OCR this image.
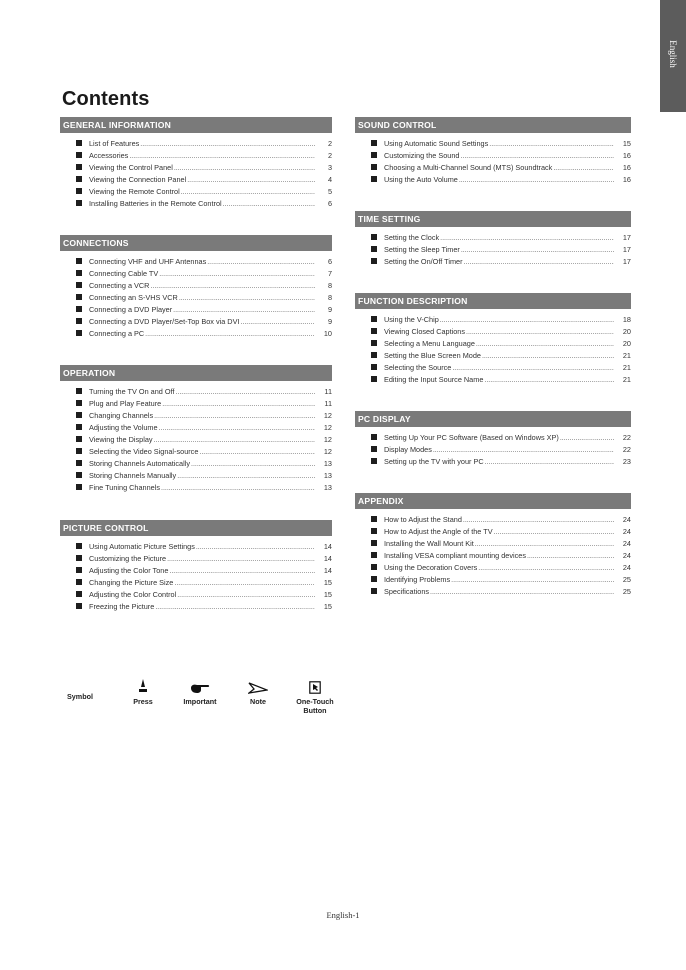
English
Contents
GENERAL INFORMATION
List of Features .....	2
Accessories .....	2
Viewing the Control Panel .....	3
Viewing the Connection Panel .....	4
Viewing the Remote Control .....	5
Installing Batteries in the Remote Control .....	6
CONNECTIONS
Connecting VHF and UHF Antennas .....	6
Connecting Cable TV .....	7
Connecting a VCR .....	8
Connecting an S-VHS VCR .....	8
Connecting a DVD Player .....	9
Connecting a DVD Player/Set-Top Box via DVI .....	9
Connecting a PC .....	10
OPERATION
Turning the TV On and Off .....	11
Plug and Play Feature .....	11
Changing Channels .....	12
Adjusting the Volume .....	12
Viewing the Display .....	12
Selecting the Video Signal-source .....	12
Storing Channels Automatically .....	13
Storing Channels Manually .....	13
Fine Tuning Channels .....	13
PICTURE CONTROL
Using Automatic Picture Settings .....	14
Customizing the Picture .....	14
Adjusting the Color Tone .....	14
Changing the Picture Size .....	15
Adjusting the Color Control .....	15
Freezing the Picture .....	15
SOUND CONTROL
Using Automatic Sound Settings .....	15
Customizing the Sound .....	16
Choosing a Multi-Channel Sound (MTS) Soundtrack .....	16
Using the Auto Volume .....	16
TIME SETTING
Setting the Clock .....	17
Setting the Sleep Timer .....	17
Setting the On/Off Timer .....	17
FUNCTION DESCRIPTION
Using the V-Chip .....	18
Viewing Closed Captions .....	20
Selecting a Menu Language .....	20
Setting the Blue Screen Mode .....	21
Selecting the Source .....	21
Editing the Input Source Name .....	21
PC DISPLAY
Setting Up Your PC Software (Based on Windows XP) .....	22
Display Modes .....	22
Setting up the TV with your PC .....	23
APPENDIX
How to Adjust the Stand .....	24
How to Adjust the Angle of the TV .....	24
Installing the Wall Mount Kit .....	24
Installing VESA compliant mounting devices .....	24
Using the Decoration Covers .....	24
Identifying Problems .....	25
Specifications .....	25
Symbol
Press	Important	Note	One-Touch
Button
English-1
